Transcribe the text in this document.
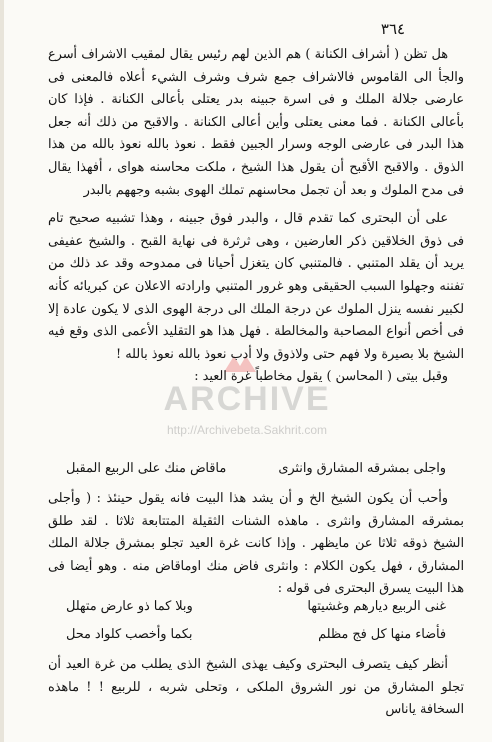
٣٦٤
ARCHIVE
http://Archivebeta.Sakhrit.com

هل تظن ( أشراف الكنانة ) هم الذين لهم رئيس يقال لمقيب الاشراف أسرع والجأ الى القاموس فالاشراف جمع شرف وشرف الشيء أعلاه فالمعنى فى عارضى جلالة الملك و فى اسرة جبينه بدر يعتلى بأعالى الكنانة . فإذا كان بأعالى الكنانة . فما معنى يعتلى وأين أعالى الكنانة . والاقبح من ذلك أنه جعل هذا البدر فى عارضى الوجه وسرار الجبين فقط . نعوذ بالله نعوذ بالله من هذا الذوق . والاقبح الأقبح أن يقول هذا الشيخ ، ملكت محاسنه هوای ، أفهذا يقال فى مدح الملوك و بعد أن تجمل محاسنهم تملك الهوى بشبه وجههم بالبدر

على أن البحترى كما تقدم قال ، والبدر فوق جبينه ، وهذا تشبيه صحيح تام فى ذوق الخلاقين ذكر العارضين ، وهى ثرثرة فى نهاية القبح . والشيخ عفيفى يريد أن يقلد المتنبي . فالمتنبي كان يتغزل أحيانا فى ممدوحه وقد عد ذلك من تفننه وجهلوا السبب الحقيقى وهو غرور المتنبي وارادته الاعلان عن كبريائه كأنه لكبير نفسه ينزل الملوك عن درجة الملك الى درجة الهوى الذى لا يكون عادة إلا فى أخص أنواع المصاحبة والمخالطة . فهل هذا هو التقليد الأعمى الذى وقع فيه الشيخ بلا بصيرة ولا فهم حتى ولاذوق ولا أدب نعوذ بالله نعوذ بالله !

وقبل بيتى ( المحاسن ) يقول مخاطباً غرة العيد :

واجلى بمشرقه المشارق وانثرى
ماقاض منك على الربيع المقبل

وأحب أن يكون الشيخ الخ و أن يشد هذا البيت فانه يقول حينئذ : ( وأجلى بمشرقه المشارق وانثرى . ماهذه الشنات الثقيلة المتتابعة ثلاثا . لقد طلق الشيخ ذوقه ثلاثا عن مايظهر . وإذا كانت غرة العيد تجلو بمشرق جلالة الملك المشارق ، فهل يكون الكلام : وانثرى فاض منك اوماقاض منه . وهو أيضا فى هذا البيت يسرق البحترى فى قوله :

غنى الربيع ديارهم وغشيتها
وبلا كما ذو عارض متهلل
فأضاء منها كل فج مظلم
بكما وأخصب كلواد محل

أنظر كيف يتصرف البحترى وكيف يهذى الشيخ الذى يطلب من غرة العيد أن تجلو المشارق من نور الشروق الملكى ، وتحلى شربه ، للربيع ! ! ماهذه السخافة ياناس
